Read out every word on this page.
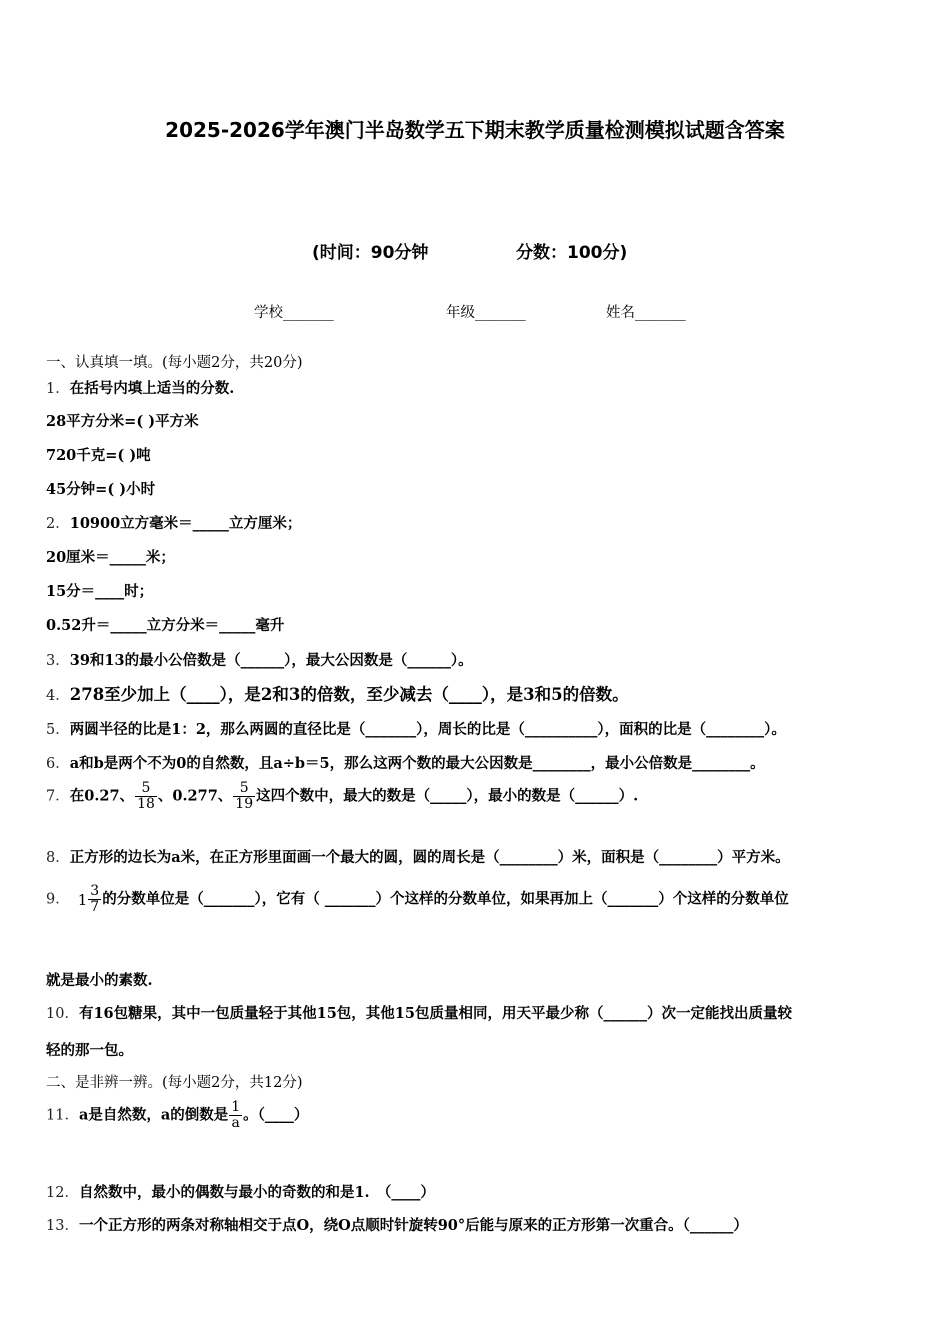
2025-2026学年澳门半岛数学五下期末教学质量检测模拟试题含答案
(时间：90分钟	分数：100分)
学校_______	年级_______	姓名_______
一、认真填一填。(每小题2分，共20分)
1．在括号内填上适当的分数.
28平方分米=( )平方米
720千克=( )吨
45分钟=( )小时
2．10900立方毫米＝_____立方厘米；
20厘米＝_____米；
15分＝____时；
0.52升＝_____立方分米＝_____毫升
3．39和13的最小公倍数是（______），最大公因数是（______）。
4．278至少加上（____），是2和3的倍数，至少减去（____），是3和5的倍数。
5．两圆半径的比是1：2，那么两圆的直径比是（_______），周长的比是（__________），面积的比是（________）。
6．a和b是两个不为0的自然数，且a÷b＝5，那么这两个数的最大公因数是________，最小公倍数是________。
7．在0.27、 $\frac{5}{18}$ 、0.277、 $\frac{5}{19}$ 这四个数中，最大的数是（_____），最小的数是（______）.
8．正方形的边长为a米，在正方形里面画一个最大的圆，圆的周长是（________）米，面积是（________）平方米。
9． $1 \frac{3}{7}$ 的分数单位是（_______），它有（ _______）个这样的分数单位，如果再加上（_______）个这样的分数单位
就是最小的素数.
10．有16包糖果，其中一包质量轻于其他15包，其他15包质量相同，用天平最少称（______）次一定能找出质量较
轻的那一包。
二、是非辨一辨。(每小题2分，共12分)
11．a是自然数，a的倒数是 $\frac{1}{a}$ 。（____）
12．自然数中，最小的偶数与最小的奇数的和是1.　（____）
13．一个正方形的两条对称轴相交于点O，绕O点顺时针旋转90°后能与原来的正方形第一次重合。（______）
